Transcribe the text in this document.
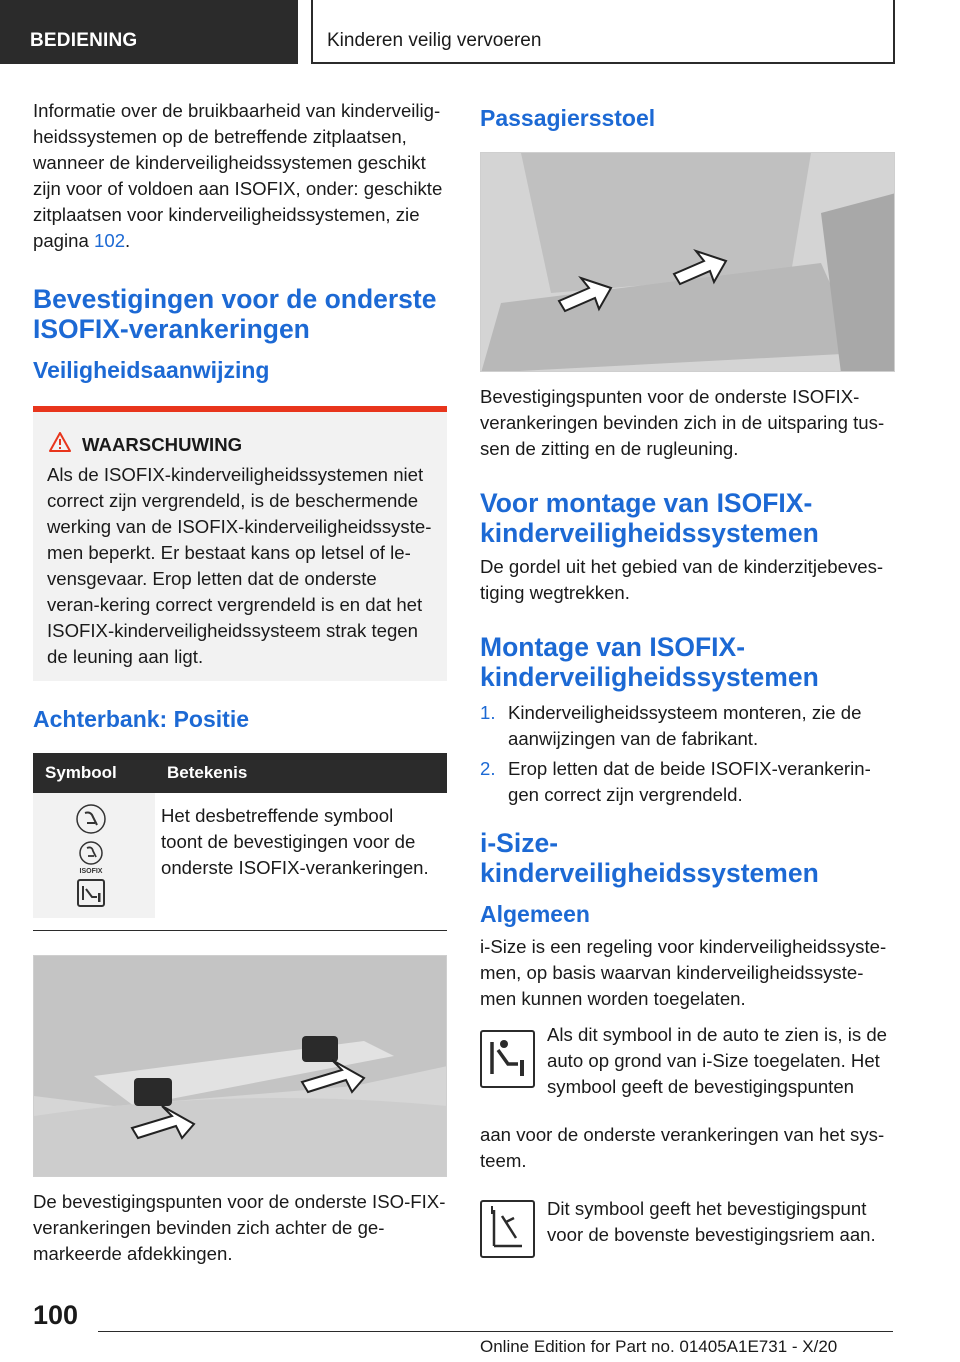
BEDIENING	Kinderen veilig vervoeren

Informatie over de bruikbaarheid van kinderveilig-heidssystemen op de betreffende zitplaatsen, wanneer de kinderveiligheidssystemen geschikt zijn voor of voldoen aan ISOFIX, onder: geschikte zitplaatsen voor kinderveiligheidssystemen, zie pagina 102.

Bevestigingen voor de onderste ISOFIX-verankeringen
Veiligheidsaanwijzing
WAARSCHUWING

Als de ISOFIX-kinderveiligheidssystemen niet correct zijn vergrendeld, is de beschermende werking van de ISOFIX-kinderveiligheidssyste-men beperkt. Er bestaat kans op letsel of le-vensgevaar. Erop letten dat de onderste veran-kering correct vergrendeld is en dat het ISOFIX-kinderveiligheidssysteem strak tegen de leuning aan ligt.

Achterbank: Positie
Symbool	Betekenis

ISOFIX	Het desbetreffende symbool toont de bevestigingen voor de onderste ISOFIX-verankeringen.

De bevestigingspunten voor de onderste ISO-FIX-verankeringen bevinden zich achter de ge-markeerde afdekkingen.

Passagiersstoel

Bevestigingspunten voor de onderste ISOFIX-verankeringen bevinden zich in de uitsparing tus-sen de zitting en de rugleuning.

Voor montage van ISOFIX-kinderveiligheidssystemen

De gordel uit het gebied van de kinderzitjebeves-tiging wegtrekken.

Montage van ISOFIX-kinderveiligheidssystemen
1. Kinderveiligheidssysteem monteren, zie de aanwijzingen van de fabrikant.
2. Erop letten dat de beide ISOFIX-verankerin-gen correct zijn vergrendeld.
i-Size-kinderveiligheidssystemen
Algemeen

i-Size is een regeling voor kinderveiligheidssyste-men, op basis waarvan kinderveiligheidssyste-men kunnen worden toegelaten.

Als dit symbool in de auto te zien is, is de auto op grond van i-Size toegelaten. Het symbool geeft de bevestigingspunten

aan voor de onderste verankeringen van het sys-teem.

Dit symbool geeft het bevestigingspunt voor de bovenste bevestigingsriem aan.

100
Online Edition for Part no. 01405A1E731 - X/20
